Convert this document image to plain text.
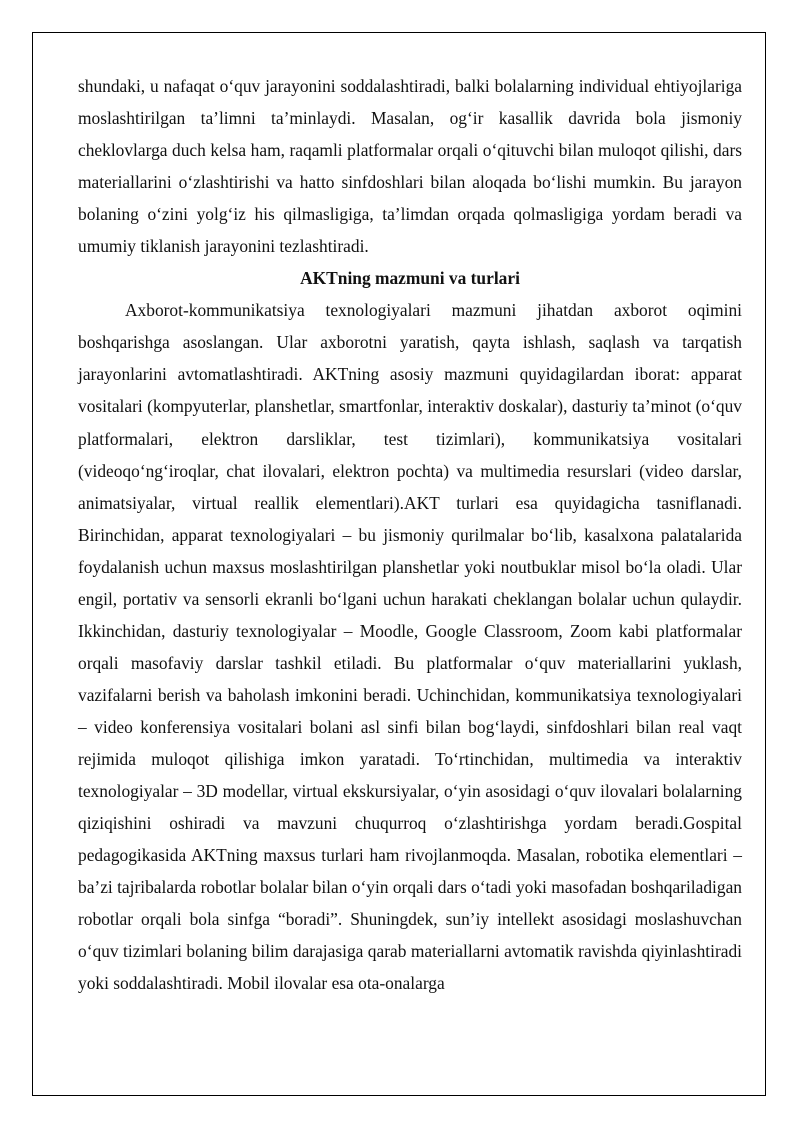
shundaki, u nafaqat o‘quv jarayonini soddalashtiradi, balki bolalarning individual ehtiyojlariga moslashtirilgan ta’limni ta’minlaydi. Masalan, og‘ir kasallik davrida bola jismoniy cheklovlarga duch kelsa ham, raqamli platformalar orqali o‘qituvchi bilan muloqot qilishi, dars materiallarini o‘zlashtirishi va hatto sinfdoshlari bilan aloqada bo‘lishi mumkin. Bu jarayon bolaning o‘zini yolg‘iz his qilmasligiga, ta’limdan orqada qolmasligiga yordam beradi va umumiy tiklanish jarayonini tezlashtiradi.

AKTning mazmuni va turlari

Axborot-kommunikatsiya texnologiyalari mazmuni jihatdan axborot oqimini boshqarishga asoslangan. Ular axborotni yaratish, qayta ishlash, saqlash va tarqatish jarayonlarini avtomatlashtiradi. AKTning asosiy mazmuni quyidagilardan iborat: apparat vositalari (kompyuterlar, planshetlar, smartfonlar, interaktiv doskalar), dasturiy ta’minot (o‘quv platformalari, elektron darsliklar, test tizimlari), kommunikatsiya vositalari (videoqo‘ng‘iroqlar, chat ilovalari, elektron pochta) va multimedia resurslari (video darslar, animatsiyalar, virtual reallik elementlari).AKT turlari esa quyidagicha tasniflanadi. Birinchidan, apparat texnologiyalari – bu jismoniy qurilmalar bo‘lib, kasalxona palatalarida foydalanish uchun maxsus moslashtirilgan planshetlar yoki noutbuklar misol bo‘la oladi. Ular engil, portativ va sensorli ekranli bo‘lgani uchun harakati cheklangan bolalar uchun qulaydir. Ikkinchidan, dasturiy texnologiyalar – Moodle, Google Classroom, Zoom kabi platformalar orqali masofaviy darslar tashkil etiladi. Bu platformalar o‘quv materiallarini yuklash, vazifalarni berish va baholash imkonini beradi. Uchinchidan, kommunikatsiya texnologiyalari – video konferensiya vositalari bolani asl sinfi bilan bog‘laydi, sinfdoshlari bilan real vaqt rejimida muloqot qilishiga imkon yaratadi. To‘rtinchidan, multimedia va interaktiv texnologiyalar – 3D modellar, virtual ekskursiyalar, o‘yin asosidagi o‘quv ilovalari bolalarning qiziqishini oshiradi va mavzuni chuqurroq o‘zlashtirishga yordam beradi.Gospital pedagogikasida AKTning maxsus turlari ham rivojlanmoqda. Masalan, robotika elementlari – ba’zi tajribalarda robotlar bolalar bilan o‘yin orqali dars o‘tadi yoki masofadan boshqariladigan robotlar orqali bola sinfga “boradi”. Shuningdek, sun’iy intellekt asosidagi moslashuvchan o‘quv tizimlari bolaning bilim darajasiga qarab materiallarni avtomatik ravishda qiyinlashtiradi yoki soddalashtiradi. Mobil ilovalar esa ota-onalarga
